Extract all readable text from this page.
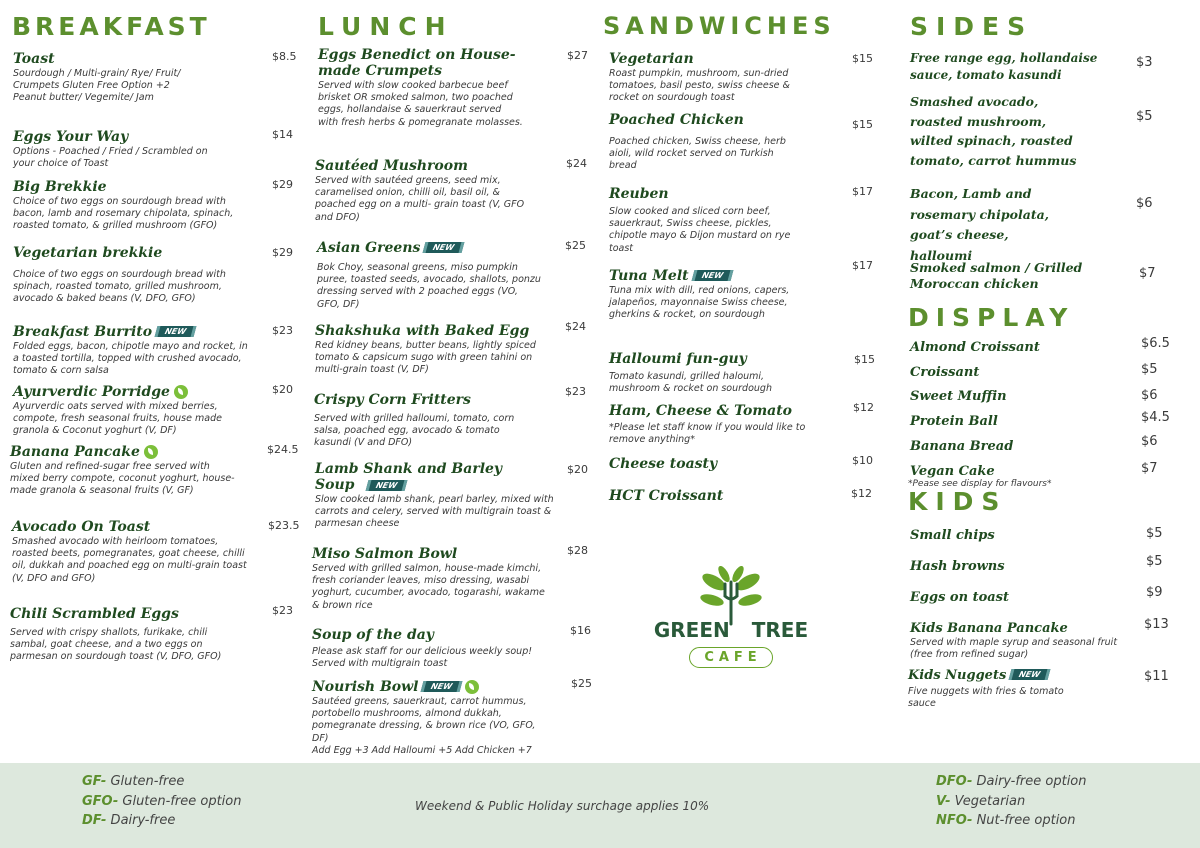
BREAKFAST	LUNCH	SANDWICHES	SIDES
DISPLAY
KIDS
Toast
Sourdough / Multi-grain/ Rye/ Fruit/ Crumpets Gluten Free Option +2 Peanut butter/ Vegemite/ Jam
$8.5
Eggs Your Way
Options - Poached / Fried / Scrambled on your choice of Toast
$14
Big Brekkie
Choice of two eggs on sourdough bread with bacon, lamb and rosemary chipolata, spinach, roasted tomato, & grilled mushroom (GFO)
$29
Vegetarian brekkie
Choice of two eggs on sourdough bread with spinach, roasted tomato, grilled mushroom, avocado & baked beans (V, DFO, GFO)
$29
Breakfast Burrito NEW
Folded eggs, bacon, chipotle mayo and rocket, in a toasted tortilla, topped with crushed avocado, tomato & corn salsa
$23
Ayurverdic Porridge
Ayurverdic oats served with mixed berries, compote, fresh seasonal fruits, house made granola & Coconut yoghurt (V, DF)
$20
Banana Pancake
Gluten and refined-sugar free served with mixed berry compote, coconut yoghurt, house- made granola & seasonal fruits (V, GF)
$24.5
Avocado On Toast
Smashed avocado with heirloom tomatoes, roasted beets, pomegranates, goat cheese, chilli oil, dukkah and poached egg on multi-grain toast (V, DFO and GFO)
$23.5
Chili Scrambled Eggs
Served with crispy shallots, furikake, chili sambal, goat cheese, and a two eggs on parmesan on sourdough toast (V, DFO, GFO)
$23
Eggs Benedict on House-made Crumpets
Served with slow cooked barbecue beef brisket OR smoked salmon, two poached eggs, hollandaise & sauerkraut served with fresh herbs & pomegranate molasses.
$27
Sautéed Mushroom
Served with sautéed greens, seed mix, caramelised onion, chilli oil, basil oil, & poached egg on a multi- grain toast (V, GFO and DFO)
$24
Asian Greens NEW
Bok Choy, seasonal greens, miso pumpkin puree, toasted seeds, avocado, shallots, ponzu dressing served with 2 poached eggs (VO, GFO, DF)
$25
Shakshuka with Baked Egg
Red kidney beans, butter beans, lightly spiced tomato & capsicum sugo with green tahini on multi-grain toast (V, DF)
$24
Crispy Corn Fritters
Served with grilled halloumi, tomato, corn salsa, poached egg, avocado & tomato kasundi (V and DFO)
$23
Lamb Shank and Barley Soup	NEW
Slow cooked lamb shank, pearl barley, mixed with carrots and celery, served with multigrain toast & parmesan cheese
$20
Miso Salmon Bowl
Served with grilled salmon, house-made kimchi, fresh coriander leaves, miso dressing, wasabi yoghurt, cucumber, avocado, togarashi, wakame & brown rice
$28
Soup of the day
Please ask staff for our delicious weekly soup! Served with multigrain toast
$16
Nourish Bowl NEW
Sautéed greens, sauerkraut, carrot hummus, portobello mushrooms, almond dukkah, pomegranate dressing, & brown rice (VO, GFO, DF)
Add Egg +3 Add Halloumi +5 Add Chicken +7
$25
Vegetarian
Roast pumpkin, mushroom, sun-dried tomatoes, basil pesto, swiss cheese & rocket on sourdough toast
$15
Poached Chicken
Poached chicken, Swiss cheese, herb aioli, wild rocket served on Turkish bread
$15
Reuben
Slow cooked and sliced corn beef, sauerkraut, Swiss cheese, pickles, chipotle mayo & Dijon mustard on rye toast
$17
Tuna Melt NEW
Tuna mix with dill, red onions, capers, jalapeños, mayonnaise Swiss cheese, gherkins & rocket, on sourdough
$17
Halloumi fun-guy
Tomato kasundi, grilled haloumi, mushroom & rocket on sourdough
$15
Ham, Cheese & Tomato
*Please let staff know if you would like to remove anything*
$12
Cheese toasty	$10
HCT Croissant	$12
GREEN TREE
CAFE
Free range egg, hollandaise sauce, tomato kasundi
$3
Smashed avocado, roasted mushroom, wilted spinach, roasted tomato, carrot hummus
$5
Bacon, Lamb and rosemary chipolata, goat’s cheese, halloumi
$6
Smoked salmon / Grilled Moroccan chicken
$7
Almond Croissant	$6.5
Croissant	$5
Sweet Muffin	$6
Protein Ball	$4.5
Banana Bread	$6
Vegan Cake	$7
*Pease see display for flavours*
Small chips	$5
Hash browns	$5
Eggs on toast	$9
Kids Banana Pancake
Served with maple syrup and seasonal fruit (free from refined sugar)
$13
Kids Nuggets NEW
Five nuggets with fries & tomato sauce
$11
GF- Gluten-free
GFO- Gluten-free option
DF- Dairy-free
Weekend & Public Holiday surchage applies 10%
DFO- Dairy-free option
V- Vegetarian
NFO- Nut-free option
